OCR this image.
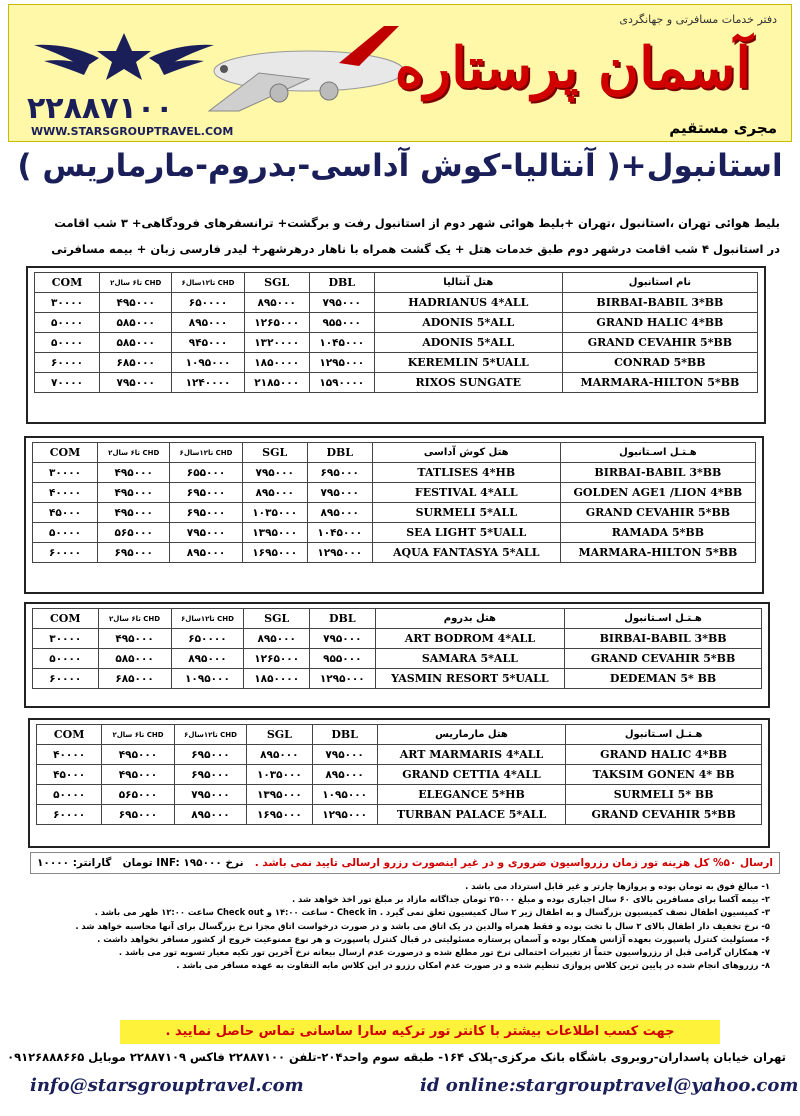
دفتر خدمات مسافرتی و جهانگردی
آسمان پرستاره
۲۲۸۸۷۱۰۰
WWW.STARSGROUPTRAVEL.COM	مجری مستقیم
استانبول+( آنتالیا-کوش آداسی-بدروم-مارماریس )
بلیط هوائی تهران ،استانبول ،تهران +بلیط هوائی شهر دوم از استانبول رفت و برگشت+ ترانسفرهای فرودگاهی+ ۳ شب اقامت
در استانبول ۴ شب اقامت درشهر دوم طبق خدمات هتل + یک گشت همراه با ناهار درهرشهر+ لیدر فارسی زبان + بیمه مسافرتی
COM	۲تا۶ سال CHD	۶تا۱۲سال CHD	SGL	DBL	هتل آنتالیا	نام استانبول
۳۰۰۰۰	۴۹۵۰۰۰	۶۵۰۰۰۰	۸۹۵۰۰۰	۷۹۵۰۰۰	HADRIANUS 4*ALL	BIRBAI-BABIL 3*BB
۵۰۰۰۰	۵۸۵۰۰۰	۸۹۵۰۰۰	۱۲۶۵۰۰۰	۹۵۵۰۰۰	ADONIS 5*ALL	GRAND HALIC 4*BB
۵۰۰۰۰	۵۸۵۰۰۰	۹۴۵۰۰۰	۱۳۲۰۰۰۰	۱۰۴۵۰۰۰	ADONIS 5*ALL	GRAND CEVAHIR 5*BB
۶۰۰۰۰	۶۸۵۰۰۰	۱۰۹۵۰۰۰	۱۸۵۰۰۰۰	۱۲۹۵۰۰۰	KEREMLIN 5*UALL	CONRAD 5*BB
۷۰۰۰۰	۷۹۵۰۰۰	۱۲۴۰۰۰۰	۲۱۸۵۰۰۰	۱۵۹۰۰۰۰	RIXOS SUNGATE	MARMARA-HILTON 5*BB
COM	۲تا۶ سال CHD	۶تا۱۲سال CHD	SGL	DBL	هتل کوش آداسی	هـتـل اسـتانبول
۳۰۰۰۰	۴۹۵۰۰۰	۶۵۵۰۰۰	۷۹۵۰۰۰	۶۹۵۰۰۰	TATLISES 4*HB	BIRBAI-BABIL 3*BB
۴۰۰۰۰	۴۹۵۰۰۰	۶۹۵۰۰۰	۸۹۵۰۰۰	۷۹۵۰۰۰	FESTIVAL 4*ALL	GOLDEN AGE1 /LION 4*BB
۴۵۰۰۰	۴۹۵۰۰۰	۶۹۵۰۰۰	۱۰۳۵۰۰۰	۸۹۵۰۰۰	SURMELI 5*ALL	GRAND CEVAHIR 5*BB
۵۰۰۰۰	۵۶۵۰۰۰	۷۹۵۰۰۰	۱۳۹۵۰۰۰	۱۰۴۵۰۰۰	SEA LIGHT 5*UALL	RAMADA 5*BB
۶۰۰۰۰	۶۹۵۰۰۰	۸۹۵۰۰۰	۱۶۹۵۰۰۰	۱۲۹۵۰۰۰	AQUA FANTASYA 5*ALL	MARMARA-HILTON 5*BB
COM	۲تا۶ سال CHD	۶تا۱۲سال CHD	SGL	DBL	هتل بدروم	هـتـل اسـتانبول
۳۰۰۰۰	۴۹۵۰۰۰	۶۵۰۰۰۰	۸۹۵۰۰۰	۷۹۵۰۰۰	ART BODROM 4*ALL	BIRBAI-BABIL 3*BB
۵۰۰۰۰	۵۸۵۰۰۰	۸۹۵۰۰۰	۱۲۶۵۰۰۰	۹۵۵۰۰۰	SAMARA 5*ALL	GRAND CEVAHIR 5*BB
۶۰۰۰۰	۶۸۵۰۰۰	۱۰۹۵۰۰۰	۱۸۵۰۰۰۰	۱۲۹۵۰۰۰	YASMIN RESORT 5*UALL	DEDEMAN 5* BB
COM	۲تا۶ سال CHD	۶تا۱۲سال CHD	SGL	DBL	هتل مارماریس	هـتـل اسـتانبول
۴۰۰۰۰	۴۹۵۰۰۰	۶۹۵۰۰۰	۸۹۵۰۰۰	۷۹۵۰۰۰	ART MARMARIS 4*ALL	GRAND HALIC 4*BB
۴۵۰۰۰	۴۹۵۰۰۰	۶۹۵۰۰۰	۱۰۳۵۰۰۰	۸۹۵۰۰۰	GRAND CETTIA 4*ALL	TAKSIM GONEN 4* BB
۵۰۰۰۰	۵۶۵۰۰۰	۷۹۵۰۰۰	۱۳۹۵۰۰۰	۱۰۹۵۰۰۰	ELEGANCE 5*HB	SURMELI 5* BB
۶۰۰۰۰	۶۹۵۰۰۰	۸۹۵۰۰۰	۱۶۹۵۰۰۰	۱۲۹۵۰۰۰	TURBAN PALACE 5*ALL	GRAND CEVAHIR 5*BB
ارسال ۵۰% کل هزینه تور زمان رزرواسیون ضروری و در غیر اینصورت رزرو ارسالی تایید نمی باشد .
نرخ INF: ۱۹۵۰۰۰ تومان
گارانتر: ۱۰۰۰۰
۱- مبالغ فوق به تومان بوده و پروازها چارتر و غیر قابل استرداد می باشد .
۲- بیمه آکسا برای مسافرین بالای ۶۰ سال اجباری بوده و مبلغ ۲۵۰۰۰ تومان جداگانه مازاد بر مبلغ تور اخذ خواهد شد .
۳- کمیسیون اطفال نصف کمیسیون بزرگسال و به اطفال زیر ۲ سال کمیسیون تعلق نمی گیرد . Check in - ساعت ۱۴:۰۰ و Check out ساعت ۱۲:۰۰ ظهر می باشد .
۵- نرخ تخفیف دار اطفال بالای ۲ سال با تخت بوده و فقط همراه والدین در یک اتاق می باشد و در صورت درخواست اتاق مجزا نرخ بزرگسال برای آنها محاسبه خواهد شد .
۶- مسئولیت کنترل پاسپورت بعهده آژانس همکار بوده و آسمان پرستاره مسئولیتی در قبال کنترل پاسپورت و هر نوع ممنوعیت خروج از کشور مسافر نخواهد داشت .
۷- همکاران گرامی قبل از رزرواسیون حتماً از تغییرات احتمالی نرخ تور مطلع شده و درصورت عدم ارسال بیعانه نرخ آخرین تور تکیه معیار تسویه تور می باشد .
۸- رزروهای انجام شده در پایین ترین کلاس پروازی تنظیم شده و در صورت عدم امکان رزرو در این کلاس مابه التفاوت به عهده مسافر می باشد .
جهت کسب اطلاعات بیشتر با کانتر تور ترکیه سارا ساسانی تماس حاصل نمایید .
تهران خیابان پاسداران-روبروی باشگاه بانک مرکزی-پلاک ۱۶۴- طبقه سوم واحد۲۰۴-تلفن ۲۲۸۸۷۱۰۰ فاکس ۲۲۸۸۷۱۰۹ موبایل ۰۹۱۲۶۸۸۸۶۶۵
info@starsgrouptravel.com	id online:stargrouptravel@yahoo.com
